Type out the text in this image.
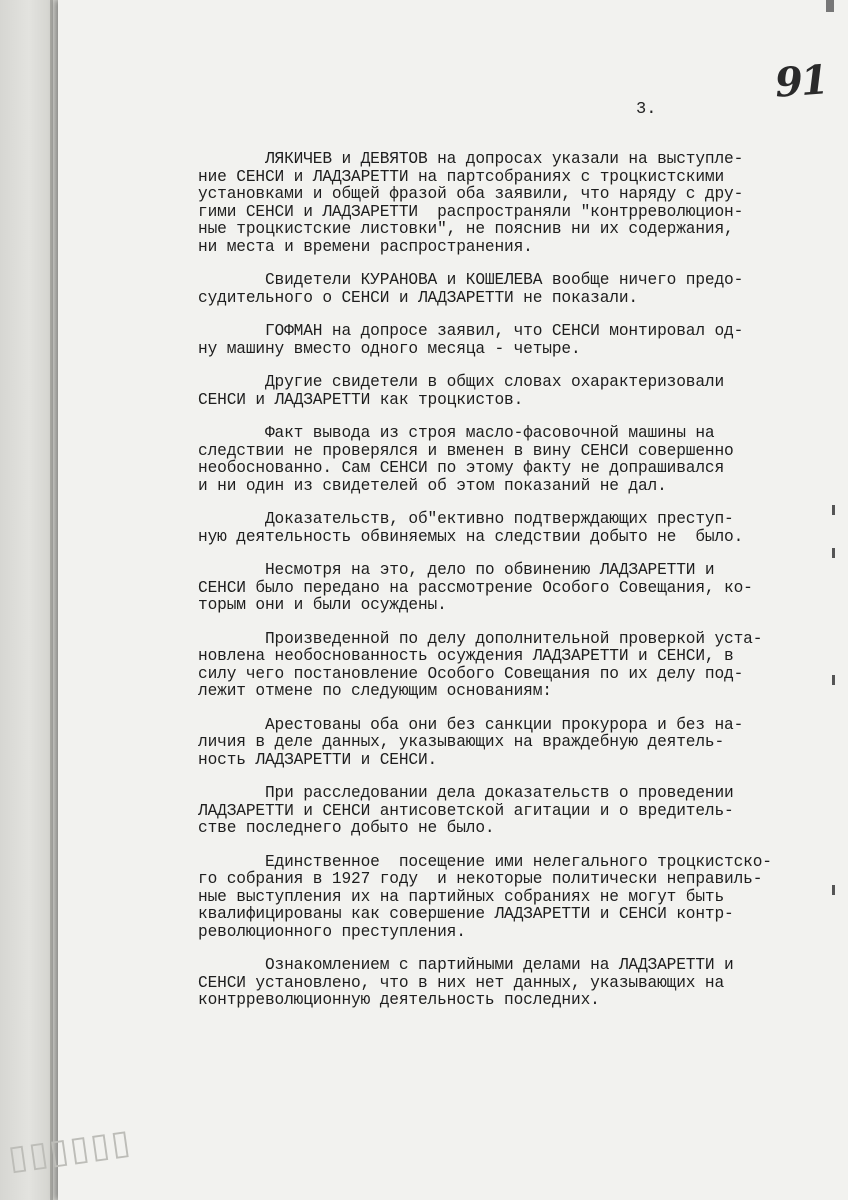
91
3.
ЛЯКИЧЕВ и ДЕВЯТОВ на допросах указали на выступле-
ние СЕНСИ и ЛАДЗАРЕТТИ на партсобраниях с троцкистскими
установками и общей фразой оба заявили, что наряду с дру-
гими СЕНСИ и ЛАДЗАРЕТТИ  распространяли "контрреволюцион-
ные троцкистские листовки", не пояснив ни их содержания,
ни места и времени распространения.
Свидетели КУРАНОВА и КОШЕЛЕВА вообще ничего предо-
судительного о СЕНСИ и ЛАДЗАРЕТТИ не показали.
ГОФМАН на допросе заявил, что СЕНСИ монтировал од-
ну машину вместо одного месяца - четыре.
Другие свидетели в общих словах охарактеризовали
СЕНСИ и ЛАДЗАРЕТТИ как троцкистов.
Факт вывода из строя масло-фасовочной машины на
следствии не проверялся и вменен в вину СЕНСИ совершенно
необоснованно. Сам СЕНСИ по этому факту не допрашивался
и ни один из свидетелей об этом показаний не дал.
Доказательств, об"ективно подтверждающих преступ-
ную деятельность обвиняемых на следствии добыто не  было.
Несмотря на это, дело по обвинению ЛАДЗАРЕТТИ и
СЕНСИ было передано на рассмотрение Особого Совещания, ко-
торым они и были осуждены.
Произведенной по делу дополнительной проверкой уста-
новлена необоснованность осуждения ЛАДЗАРЕТТИ и СЕНСИ, в
силу чего постановление Особого Совещания по их делу под-
лежит отмене по следующим основаниям:
Арестованы оба они без санкции прокурора и без на-
личия в деле данных, указывающих на враждебную деятель-
ность ЛАДЗАРЕТТИ и СЕНСИ.
При расследовании дела доказательств о проведении
ЛАДЗАРЕТТИ и СЕНСИ антисоветской агитации и о вредитель-
стве последнего добыто не было.
Единственное  посещение ими нелегального троцкистско-
го собрания в 1927 году  и некоторые политически неправиль-
ные выступления их на партийных собраниях не могут быть
квалифицированы как совершение ЛАДЗАРЕТТИ и СЕНСИ контр-
революционного преступления.
Ознакомлением с партийными делами на ЛАДЗАРЕТТИ и
СЕНСИ установлено, что в них нет данных, указывающих на
контрреволюционную деятельность последних.
▯▯▯▯▯▯
